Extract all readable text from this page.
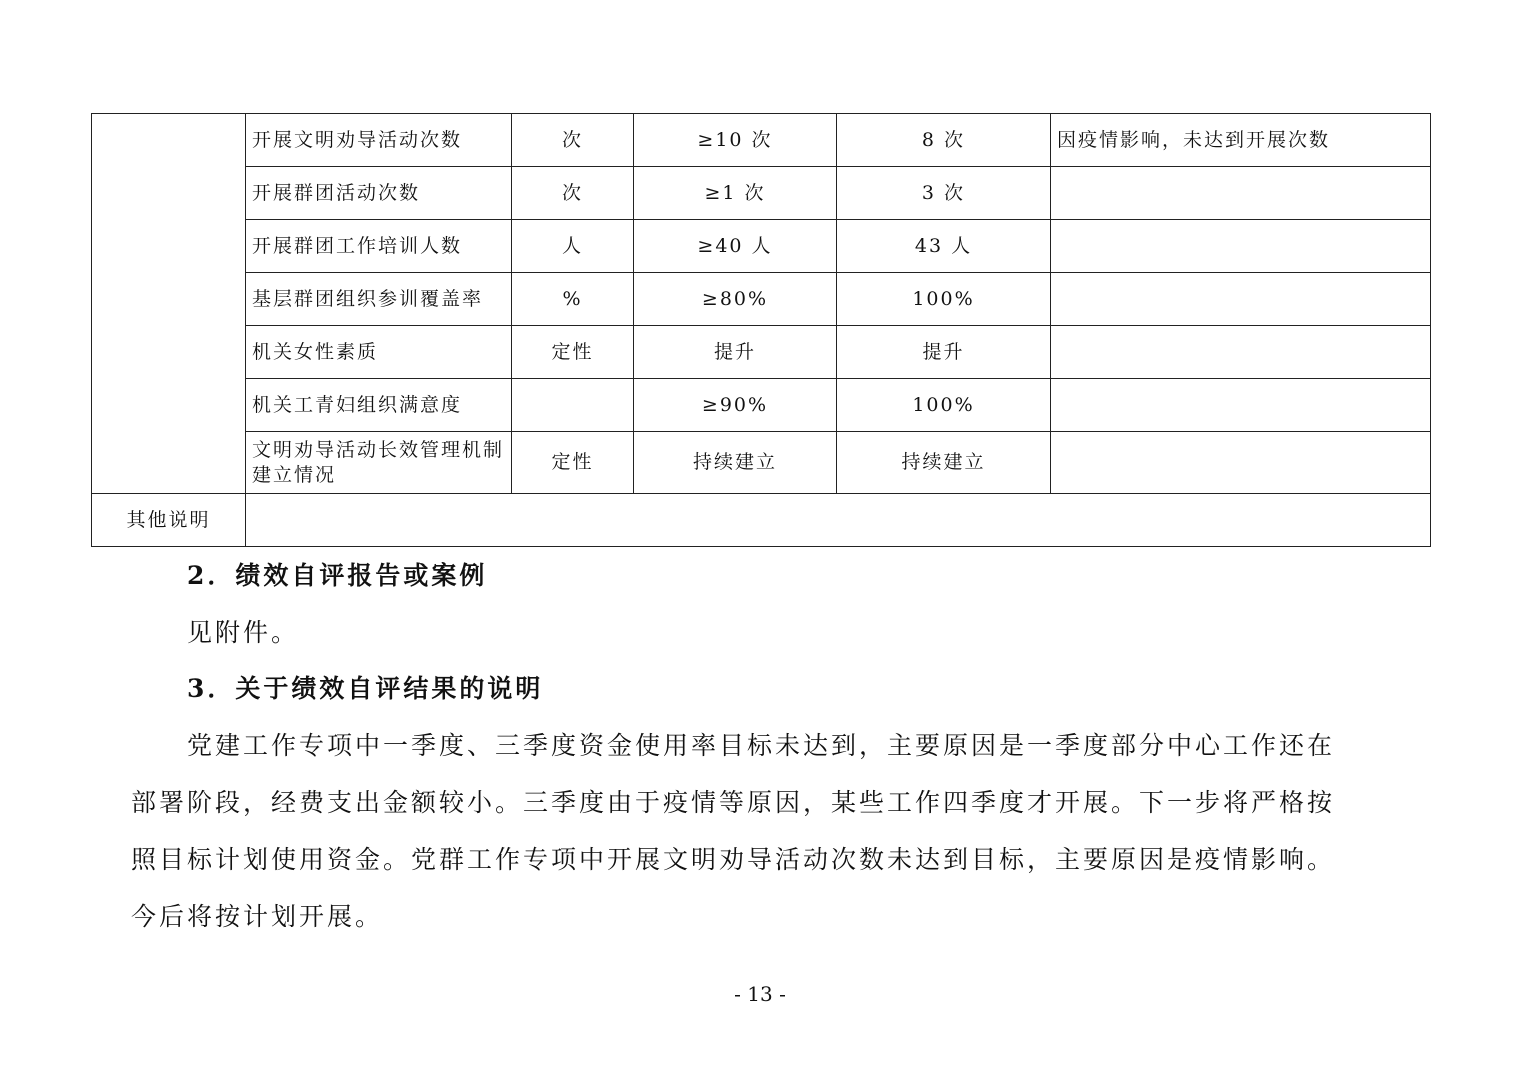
	开展文明劝导活动次数	次	≥10 次	8 次	因疫情影响，未达到开展次数
	开展群团活动次数	次	≥1 次	3 次	
	开展群团工作培训人数	人	≥40 人	43 人	
	基层群团组织参训覆盖率	%	≥80%	100%	
	机关女性素质	定性	提升	提升	
	机关工青妇组织满意度		≥90%	100%	
	文明劝导活动长效管理机制建立情况	定性	持续建立	持续建立	
其他说明					
2．绩效自评报告或案例
见附件。
3．关于绩效自评结果的说明
党建工作专项中一季度、三季度资金使用率目标未达到，主要原因是一季度部分中心工作还在
部署阶段，经费支出金额较小。三季度由于疫情等原因，某些工作四季度才开展。下一步将严格按
照目标计划使用资金。党群工作专项中开展文明劝导活动次数未达到目标，主要原因是疫情影响。
今后将按计划开展。
- 13 -
